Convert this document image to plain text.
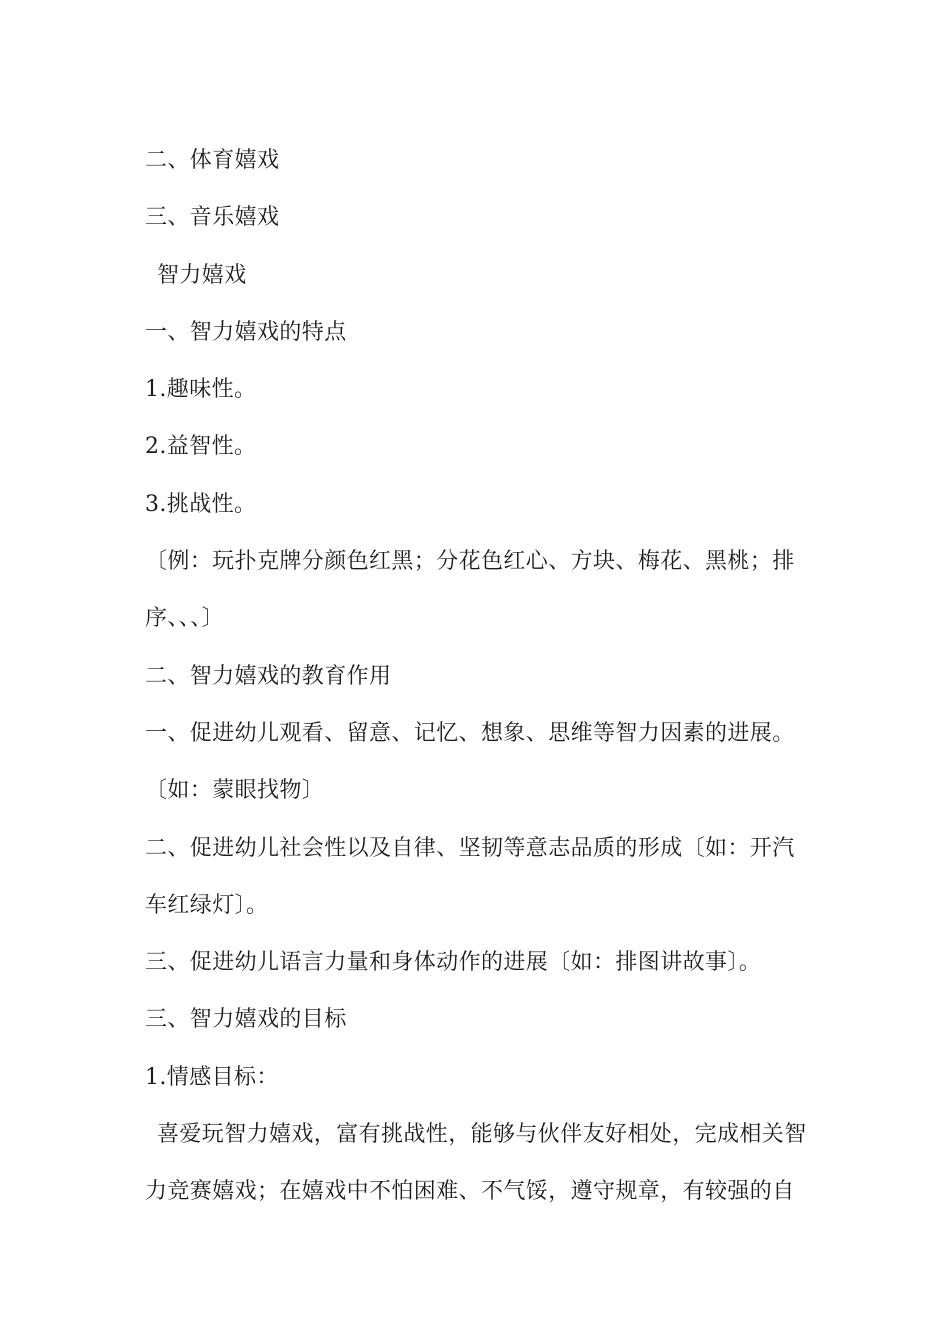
二、体育嬉戏
三、音乐嬉戏
智力嬉戏
一、智力嬉戏的特点
1.趣味性。
2.益智性。
3.挑战性。
〔例：玩扑克牌分颜色红黑；分花色红心、方块、梅花、黑桃；排
序、、、〕
二、智力嬉戏的教育作用
一、促进幼儿观看、留意、记忆、想象、思维等智力因素的进展。
〔如：蒙眼找物〕
二、促进幼儿社会性以及自律、坚韧等意志品质的形成〔如：开汽
车红绿灯〕。
三、促进幼儿语言力量和身体动作的进展〔如：排图讲故事〕。
三、智力嬉戏的目标
1.情感目标：
喜爱玩智力嬉戏，富有挑战性，能够与伙伴友好相处，完成相关智
力竞赛嬉戏；在嬉戏中不怕困难、不气馁，遵守规章，有较强的自
